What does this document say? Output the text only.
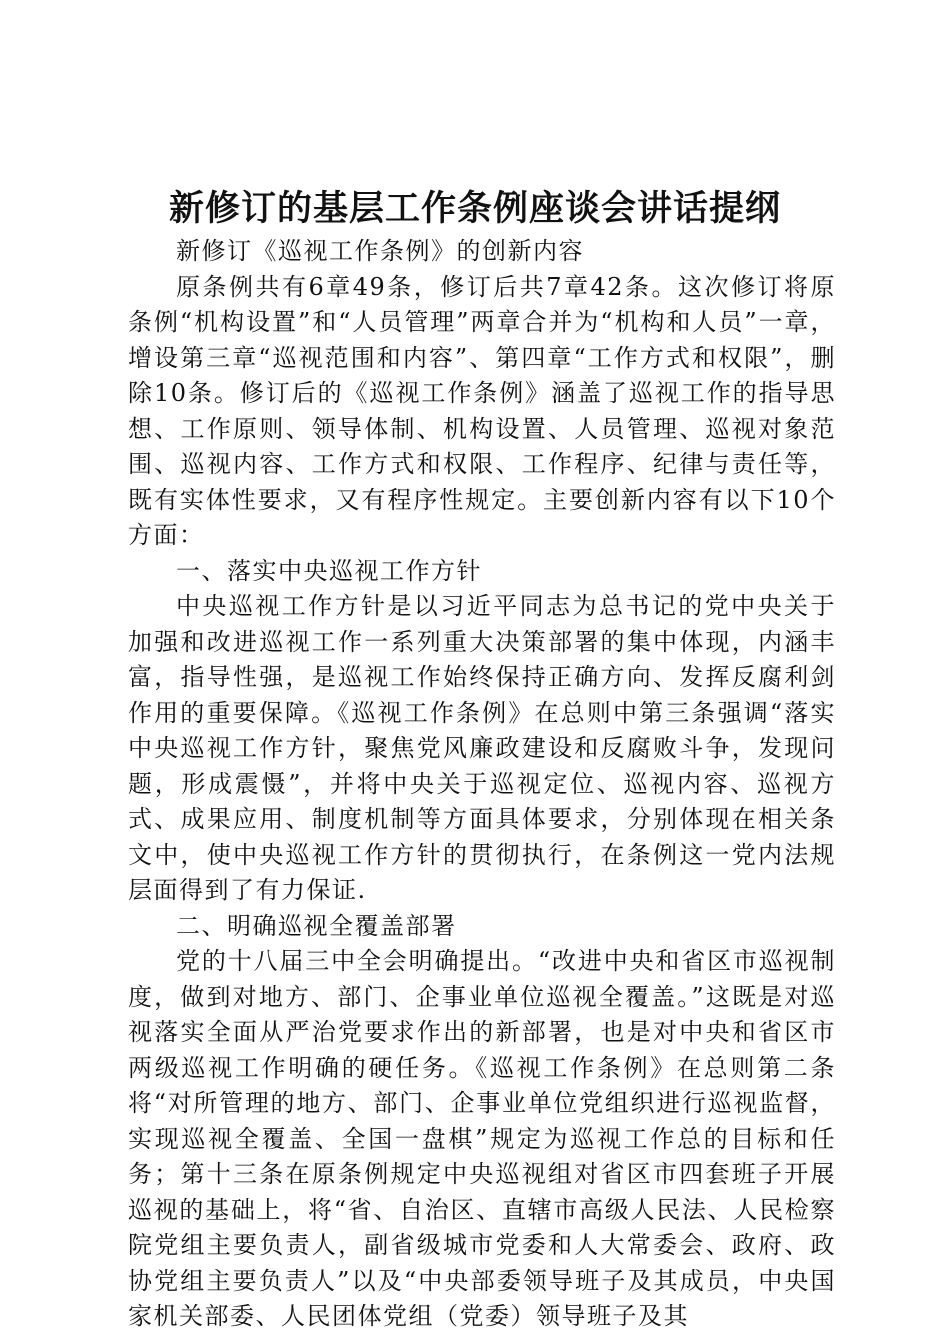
新修订的基层工作条例座谈会讲话提纲

新修订《巡视工作条例》的创新内容

原条例共有6章49条，修订后共7章42条。这次修订将原条例“机构设置”和“人员管理”两章合并为“机构和人员”一章，增设第三章“巡视范围和内容”、第四章“工作方式和权限”，删除10条。修订后的《巡视工作条例》涵盖了巡视工作的指导思想、工作原则、领导体制、机构设置、人员管理、巡视对象范围、巡视内容、工作方式和权限、工作程序、纪律与责任等，既有实体性要求，又有程序性规定。主要创新内容有以下10个方面：

一、落实中央巡视工作方针

中央巡视工作方针是以习近平同志为总书记的党中央关于加强和改进巡视工作一系列重大决策部署的集中体现，内涵丰富，指导性强，是巡视工作始终保持正确方向、发挥反腐利剑作用的重要保障。《巡视工作条例》在总则中第三条强调“落实中央巡视工作方针，聚焦党风廉政建设和反腐败斗争，发现问题，形成震慑”，并将中央关于巡视定位、巡视内容、巡视方式、成果应用、制度机制等方面具体要求，分别体现在相关条文中，使中央巡视工作方针的贯彻执行，在条例这一党内法规层面得到了有力保证.

二、明确巡视全覆盖部署

党的十八届三中全会明确提出。“改进中央和省区市巡视制度，做到对地方、部门、企事业单位巡视全覆盖。”这既是对巡视落实全面从严治党要求作出的新部署，也是对中央和省区市两级巡视工作明确的硬任务。《巡视工作条例》在总则第二条将“对所管理的地方、部门、企事业单位党组织进行巡视监督，实现巡视全覆盖、全国一盘棋”规定为巡视工作总的目标和任务；第十三条在原条例规定中央巡视组对省区市四套班子开展巡视的基础上，将“省、自治区、直辖市高级人民法、人民检察院党组主要负责人，副省级城市党委和人大常委会、政府、政协党组主要负责人”以及“中央部委领导班子及其成员，中央国家机关部委、人民团体党组（党委）领导班子及其
